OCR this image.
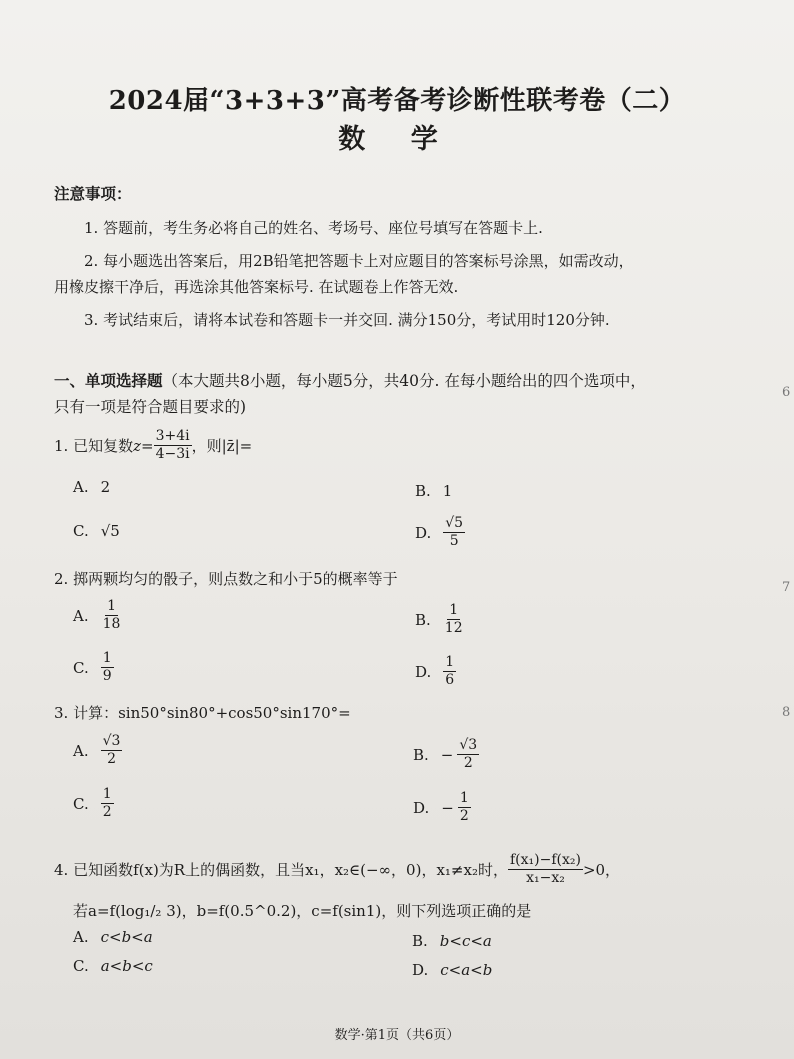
6
7
8
2024届“3+3+3”高考备考诊断性联考卷（二）
数 学
注意事项：
1. 答题前，考生务必将自己的姓名、考场号、座位号填写在答题卡上.
2. 每小题选出答案后，用2B铅笔把答题卡上对应题目的答案标号涂黑，如需改动，
用橡皮擦干净后，再选涂其他答案标号. 在试题卷上作答无效.
3. 考试结束后，请将本试卷和答题卡一并交回. 满分150分，考试用时120分钟.
一、单项选择题（本大题共8小题，每小题5分，共40分. 在每小题给出的四个选项中，
只有一项是符合题目要求的)
1. 已知复数 $z= \frac{3+4i}{4-3i}$ ，则|z̄|=
A. 2	B. 1
C. √5	D. $\frac{√5}{5}$
2. 掷两颗均匀的骰子，则点数之和小于5的概率等于
A. $\frac{1}{18}$	B. $\frac{1}{12}$
C. $\frac{1}{9}$	D. $\frac{1}{6}$
3. 计算：sin50°sin80°+cos50°sin170°=
A. $\frac{√3}{2}$	B. − $\frac{√3}{2}$
C. $\frac{1}{2}$	D. − $\frac{1}{2}$
4. 已知函数f(x)为R上的偶函数，且当x₁，x₂∈(−∞，0)，x₁≠x₂时， $\frac{\text{f(x₁)−f(x₂)}}{\text{x₁−x₂}} >0$，
若a=f(log₁/₂ 3)，b=f(0.5^0.2)，c=f(sin1)，则下列选项正确的是
A. c<b<a	B. b<c<a
C. a<b<c	D. c<a<b
数学·第1页（共6页）
